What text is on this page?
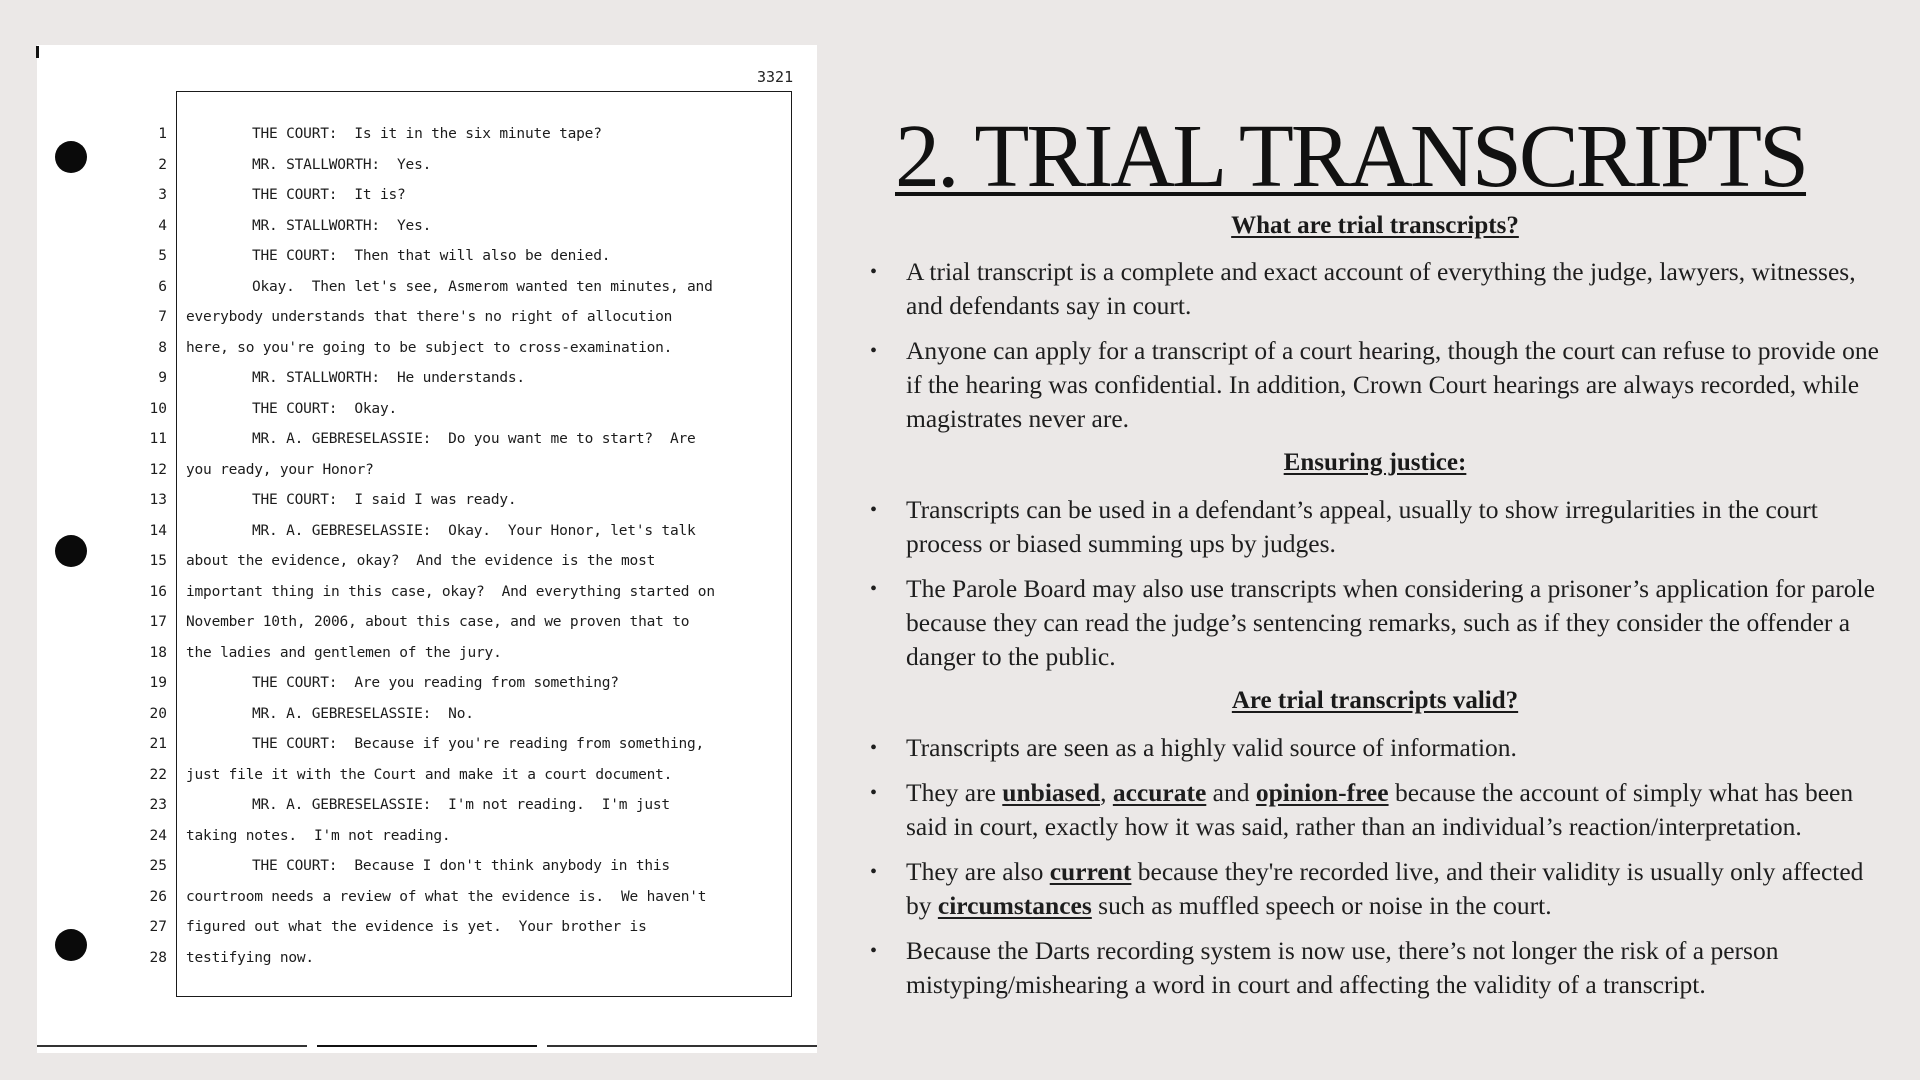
3321
1
2
3
4
5
6
7
8
9
10
11
12
13
14
15
16
17
18
19
20
21
22
23
24
25
26
27
28
THE COURT:  Is it in the six minute tape?
MR. STALLWORTH:  Yes.
THE COURT:  It is?
MR. STALLWORTH:  Yes.
THE COURT:  Then that will also be denied.
Okay.  Then let's see, Asmerom wanted ten minutes, and
everybody understands that there's no right of allocution
here, so you're going to be subject to cross-examination.
MR. STALLWORTH:  He understands.
THE COURT:  Okay.
MR. A. GEBRESELASSIE:  Do you want me to start?  Are
you ready, your Honor?
THE COURT:  I said I was ready.
MR. A. GEBRESELASSIE:  Okay.  Your Honor, let's talk
about the evidence, okay?  And the evidence is the most
important thing in this case, okay?  And everything started on
November 10th, 2006, about this case, and we proven that to
the ladies and gentlemen of the jury.
THE COURT:  Are you reading from something?
MR. A. GEBRESELASSIE:  No.
THE COURT:  Because if you're reading from something,
just file it with the Court and make it a court document.
MR. A. GEBRESELASSIE:  I'm not reading.  I'm just
taking notes.  I'm not reading.
THE COURT:  Because I don't think anybody in this
courtroom needs a review of what the evidence is.  We haven't
figured out what the evidence is yet.  Your brother is
testifying now.
2. TRIAL TRANSCRIPTS
What are trial transcripts?
• A trial transcript is a complete and exact account of everything the judge, lawyers, witnesses, and defendants say in court.
• Anyone can apply for a transcript of a court hearing, though the court can refuse to provide one if the hearing was confidential. In addition, Crown Court hearings are always recorded, while magistrates never are.
Ensuring justice:
• Transcripts can be used in a defendant’s appeal, usually to show irregularities in the court process or biased summing ups by judges.
• The Parole Board may also use transcripts when considering a prisoner’s application for parole because they can read the judge’s sentencing remarks, such as if they consider the offender a danger to the public.
Are trial transcripts valid?
• Transcripts are seen as a highly valid source of information.
• They are unbiased, accurate and opinion-free because the account of simply what has been said in court, exactly how it was said, rather than an individual’s reaction/interpretation.
• They are also current because they're recorded live, and their validity is usually only affected by circumstances such as muffled speech or noise in the court.
• Because the Darts recording system is now use, there’s not longer the risk of a person mistyping/mishearing a word in court and affecting the validity of a transcript.
